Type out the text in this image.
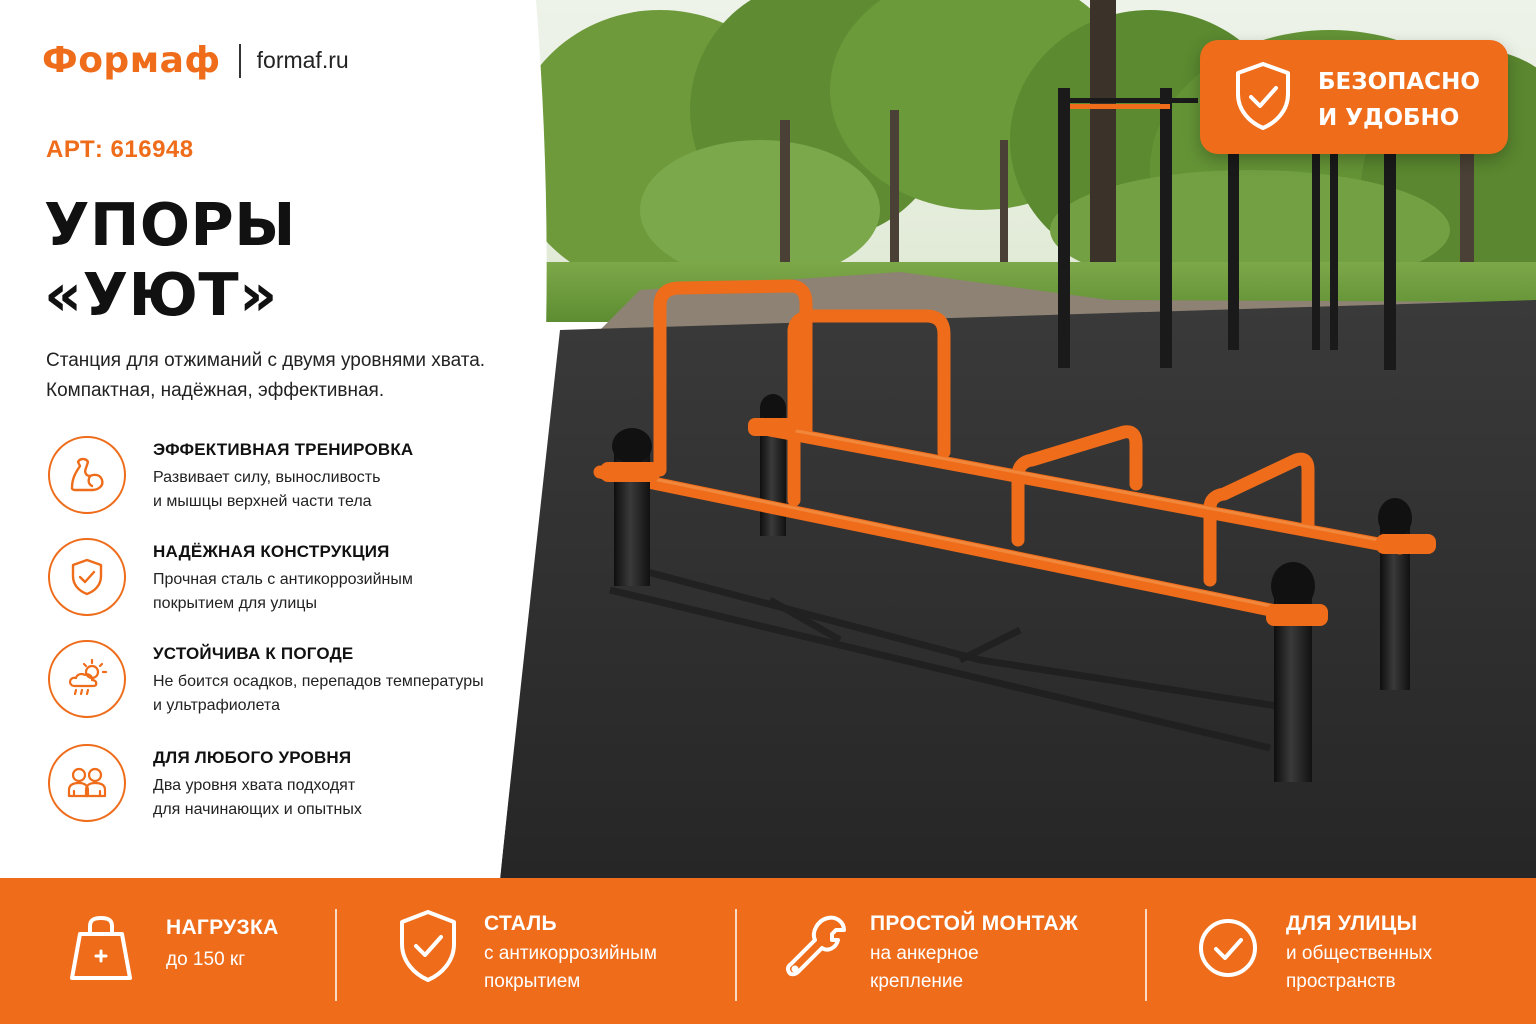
Формаф formaf.ru
АРТ: 616948
УПОРЫ
«УЮТ»
Станция для отжиманий с двумя уровнями хвата.
Компактная, надёжная, эффективная.
ЭФФЕКТИВНАЯ ТРЕНИРОВКА
Развивает силу, выносливость
и мышцы верхней части тела
НАДЁЖНАЯ КОНСТРУКЦИЯ
Прочная сталь с антикоррозийным
покрытием для улицы
УСТОЙЧИВА К ПОГОДЕ
Не боится осадков, перепадов температуры
и ультрафиолета
ДЛЯ ЛЮБОГО УРОВНЯ
Два уровня хвата подходят
для начинающих и опытных
БЕЗОПАСНО
И УДОБНО
НАГРУЗКА
до 150 кг
СТАЛЬ
с антикоррозийным
покрытием
ПРОСТОЙ МОНТАЖ
на анкерное
крепление
ДЛЯ УЛИЦЫ
и общественных
пространств
